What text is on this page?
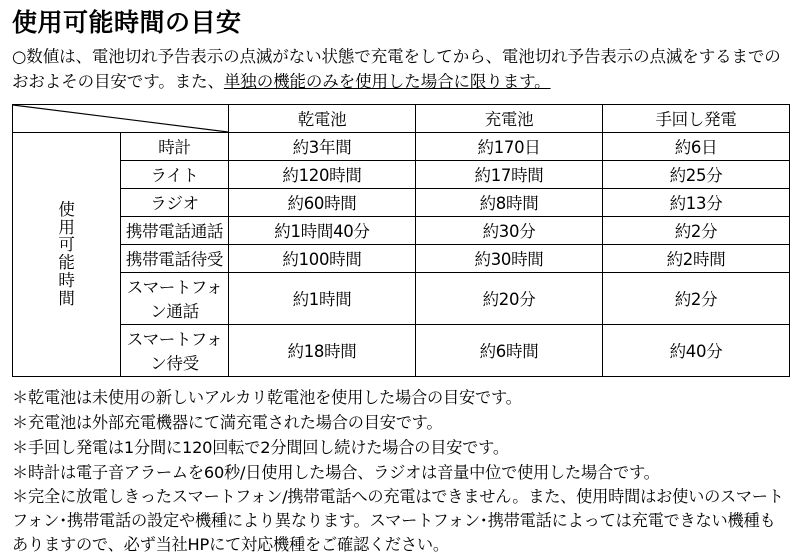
使用可能時間の目安
○数値は、電池切れ予告表示の点滅がない状態で充電をしてから、電池切れ予告表示の点滅をするまでのおおよその目安です。また、単独の機能のみを使用した場合に限ります。
	乾電池	充電池	手回し発電

使
用
可
能
時
間
	時計	約3年間	約170日	約6日
	ライト	約120時間	約17時間	約25分
	ラジオ	約60時間	約8時間	約13分
	携帯電話通話	約1時間40分	約30分	約2分
	携帯電話待受	約100時間	約30時間	約2時間
	スマートフォン通話	約1時間	約20分	約2分
	スマートフォン待受	約18時間	約6時間	約40分

＊乾電池は未使用の新しいアルカリ乾電池を使用した場合の目安です。

＊充電池は外部充電機器にて満充電された場合の目安です。

＊手回し発電は1分間に120回転で2分間回し続けた場合の目安です。

＊時計は電子音アラームを60秒/日使用した場合、ラジオは音量中位で使用した場合です。

＊完全に放電しきったスマートフォン/携帯電話への充電はできません。また、使用時間はお使いのスマートフォン･携帯電話の設定や機種により異なります。スマートフォン･携帯電話によっては充電できない機種もありますので、必ず当社HPにて対応機種をご確認ください。
